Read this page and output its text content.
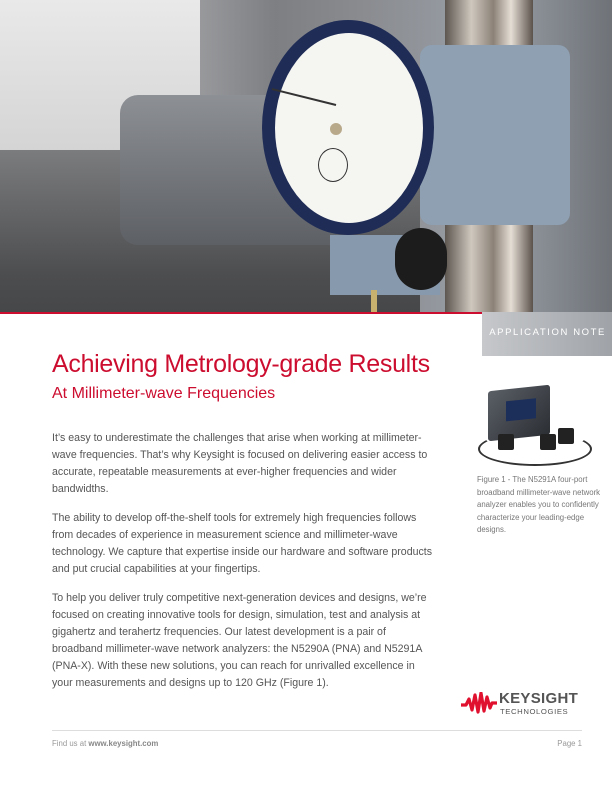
APPLICATION NOTE
Achieving Metrology-grade Results
At Millimeter-wave Frequencies

It’s easy to underestimate the challenges that arise when working at millimeter-wave frequencies. That’s why Keysight is focused on delivering easier access to accurate, repeatable measurements at ever-higher frequencies and wider bandwidths.

The ability to develop off-the-shelf tools for extremely high frequencies follows from decades of experience in measurement science and millimeter-wave technology. We capture that expertise inside our hardware and software products and put crucial capabilities at your fingertips.

To help you deliver truly competitive next-generation devices and designs, we’re focused on creating innovative tools for design, simulation, test and analysis at gigahertz and terahertz frequencies. Our latest development is a pair of broadband millimeter-wave network analyzers: the N5290A (PNA) and N5291A (PNA-X). With these new solutions, you can reach for unrivalled excellence in your measurements and designs up to 120 GHz (Figure 1).

Figure 1 - The N5291A four-port broadband millimeter-wave network analyzer enables you to confidently characterize your leading-edge designs.
KEYSIGHT
TECHNOLOGIES
Find us at www.keysight.com	Page 1
